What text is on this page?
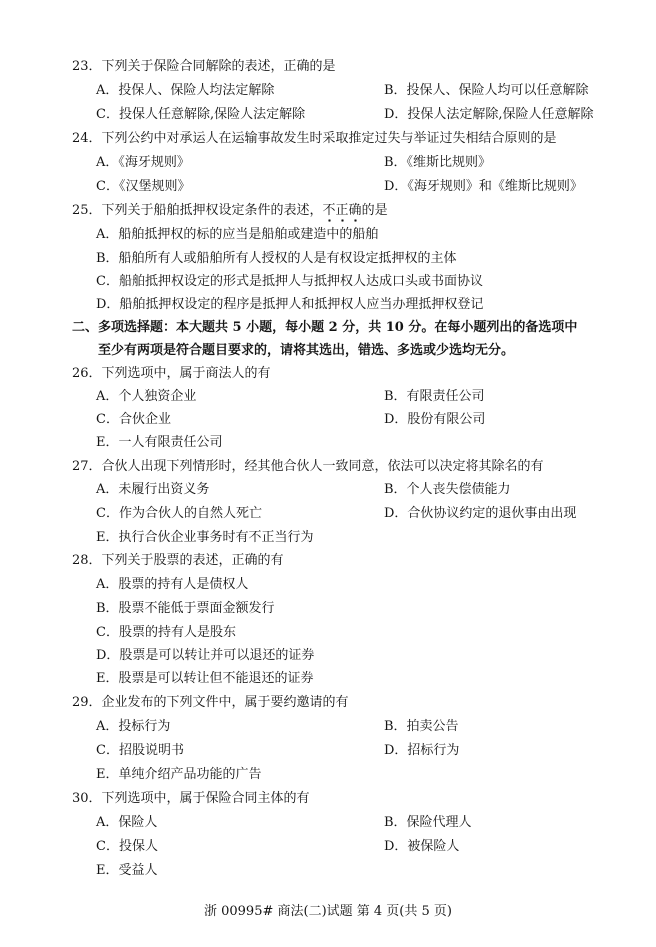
23．下列关于保险合同解除的表述，正确的是
A．投保人、保险人均法定解除	B．投保人、保险人均可以任意解除
C．投保人任意解除,保险人法定解除	D．投保人法定解除,保险人任意解除
24．下列公约中对承运人在运输事故发生时采取推定过失与举证过失相结合原则的是
A．《海牙规则》	B．《维斯比规则》
C．《汉堡规则》	D．《海牙规则》和《维斯比规则》
25．下列关于船舶抵押权设定条件的表述，不正确的是
A．船舶抵押权的标的应当是船舶或建造中的船舶
B．船舶所有人或船舶所有人授权的人是有权设定抵押权的主体
C．船舶抵押权设定的形式是抵押人与抵押权人达成口头或书面协议
D．船舶抵押权设定的程序是抵押人和抵押权人应当办理抵押权登记
二、多项选择题：本大题共 5 小题，每小题 2 分，共 10 分。在每小题列出的备选项中
至少有两项是符合题目要求的，请将其选出，错选、多选或少选均无分。
26．下列选项中，属于商法人的有
A．个人独资企业	B．有限责任公司
C．合伙企业	D．股份有限公司
E．一人有限责任公司
27．合伙人出现下列情形时，经其他合伙人一致同意，依法可以决定将其除名的有
A．未履行出资义务	B．个人丧失偿债能力
C．作为合伙人的自然人死亡	D．合伙协议约定的退伙事由出现
E．执行合伙企业事务时有不正当行为
28．下列关于股票的表述，正确的有
A．股票的持有人是债权人
B．股票不能低于票面金额发行
C．股票的持有人是股东
D．股票是可以转让并可以退还的证券
E．股票是可以转让但不能退还的证券
29．企业发布的下列文件中，属于要约邀请的有
A．投标行为	B．拍卖公告
C．招股说明书	D．招标行为
E．单纯介绍产品功能的广告
30．下列选项中，属于保险合同主体的有
A．保险人	B．保险代理人
C．投保人	D．被保险人
E．受益人
浙 00995# 商法(二)试题 第 4 页(共 5 页)
